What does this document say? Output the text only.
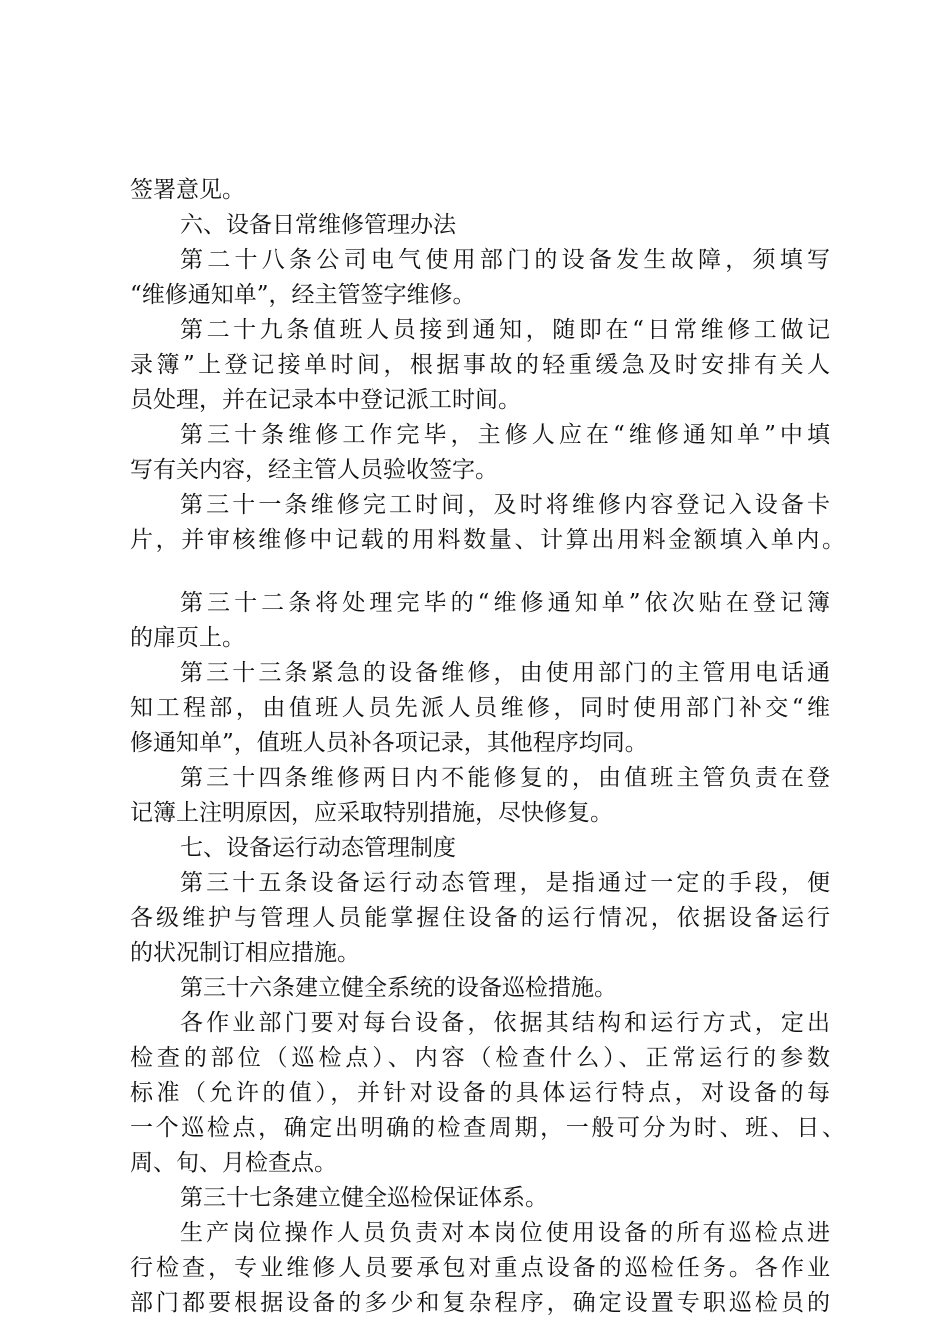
签署意见。
六、设备日常维修管理办法
第二十八条公司电气使用部门的设备发生故障，须填写
“维修通知单”，经主管签字维修。
第二十九条值班人员接到通知，随即在“日常维修工做记
录簿”上登记接单时间，根据事故的轻重缓急及时安排有关人
员处理，并在记录本中登记派工时间。
第三十条维修工作完毕，主修人应在“维修通知单”中填
写有关内容，经主管人员验收签字。
第三十一条维修完工时间，及时将维修内容登记入设备卡
片，并审核维修中记载的用料数量、计算出用料金额填入单内。
第三十二条将处理完毕的“维修通知单”依次贴在登记簿
的扉页上。
第三十三条紧急的设备维修，由使用部门的主管用电话通
知工程部，由值班人员先派人员维修，同时使用部门补交“维
修通知单”，值班人员补各项记录，其他程序均同。
第三十四条维修两日内不能修复的，由值班主管负责在登
记簿上注明原因，应采取特别措施，尽快修复。
七、设备运行动态管理制度
第三十五条设备运行动态管理，是指通过一定的手段，便
各级维护与管理人员能掌握住设备的运行情况，依据设备运行
的状况制订相应措施。
第三十六条建立健全系统的设备巡检措施。
各作业部门要对每台设备，依据其结构和运行方式，定出
检查的部位（巡检点）、内容（检查什么）、正常运行的参数
标准（允许的值），并针对设备的具体运行特点，对设备的每
一个巡检点，确定出明确的检查周期，一般可分为时、班、日、
周、旬、月检查点。
第三十七条建立健全巡检保证体系。
生产岗位操作人员负责对本岗位使用设备的所有巡检点进
行检查，专业维修人员要承包对重点设备的巡检任务。各作业
部门都要根据设备的多少和复杂程序，确定设置专职巡检员的
